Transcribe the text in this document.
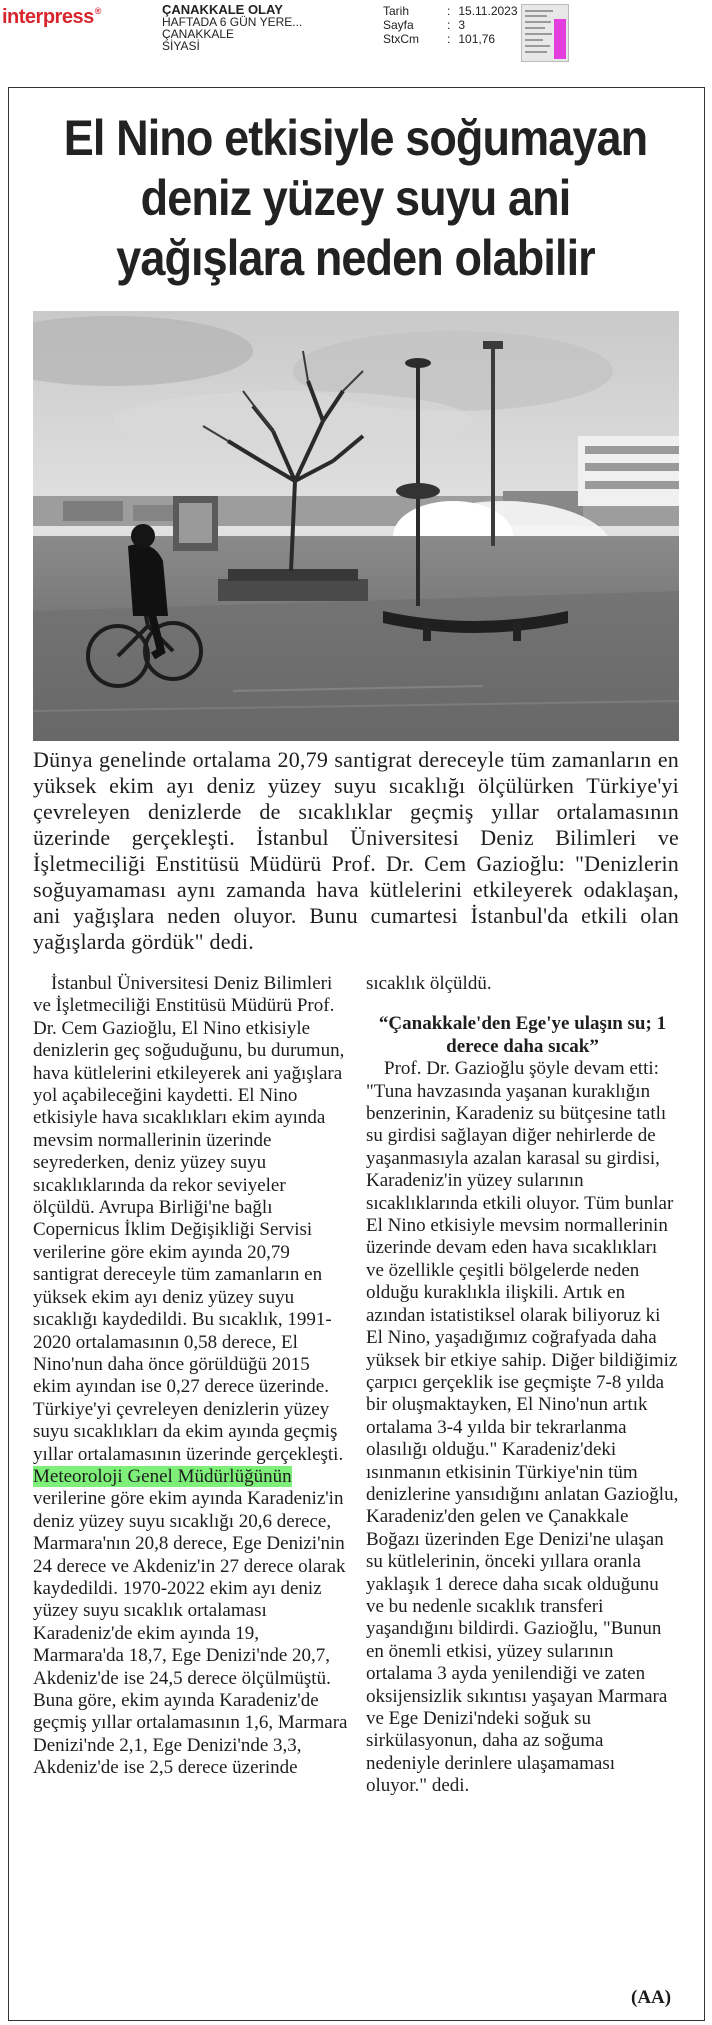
interpress®	ÇANAKKALE OLAY
HAFTADA 6 GÜN YERE...
ÇANAKKALE
SİYASİ
Tarih	: 15.11.2023
Sayfa	: 3
StxCm	: 101,76
El Nino etkisiyle soğumayan
deniz yüzey suyu ani
yağışlara neden olabilir

Dünya genelinde ortalama 20,79 santigrat dereceyle tüm zamanların en yüksek ekim ayı deniz yüzey suyu sıcaklığı ölçülürken Türkiye'yi çevreleyen denizlerde de sıcaklıklar geçmiş yıllar ortalamasının üzerinde gerçekleşti. İstanbul Üniversitesi Deniz Bilimleri ve İşletmeciliği Enstitüsü Müdürü Prof. Dr. Cem Gazioğlu: "Denizlerin soğuyamaması aynı zamanda hava kütlelerini etkileyerek odaklaşan, ani yağışlara neden oluyor. Bunu cumartesi İstanbul'da etkili olan yağışlarda gördük" dedi.

İstanbul Üniversitesi Deniz Bilimleri ve İşletmeciliği Enstitüsü Müdürü Prof. Dr. Cem Gazioğlu, El Nino etkisiyle denizlerin geç soğuduğunu, bu durumun, hava kütlelerini etkileyerek ani yağışlara yol açabileceğini kaydetti. El Nino etkisiyle hava sıcaklıkları ekim ayında mevsim normallerinin üzerinde seyrederken, deniz yüzey suyu sıcaklıklarında da rekor seviyeler ölçüldü. Avrupa Birliği'ne bağlı Copernicus İklim Değişikliği Servisi verilerine göre ekim ayında 20,79 santigrat dereceyle tüm zamanların en yüksek ekim ayı deniz yüzey suyu sıcaklığı kaydedildi. Bu sıcaklık, 1991-2020 ortalamasının 0,58 derece, El Nino'nun daha önce görüldüğü 2015 ekim ayından ise 0,27 derece üzerinde. Türkiye'yi çevreleyen denizlerin yüzey suyu sıcaklıkları da ekim ayında geçmiş yıllar ortalamasının üzerinde gerçekleşti. Meteoroloji Genel Müdürlüğünün verilerine göre ekim ayında Karadeniz'in deniz yüzey suyu sıcaklığı 20,6 derece, Marmara'nın 20,8 derece, Ege Denizi'nin 24 derece ve Akdeniz'in 27 derece olarak kaydedildi. 1970-2022 ekim ayı deniz yüzey suyu sıcaklık ortalaması Karadeniz'de ekim ayında 19, Marmara'da 18,7, Ege Denizi'nde 20,7, Akdeniz'de ise 24,5 derece ölçülmüştü. Buna göre, ekim ayında Karadeniz'de geçmiş yıllar ortalamasının 1,6, Marmara Denizi'nde 2,1, Ege Denizi'nde 3,3, Akdeniz'de ise 2,5 derece üzerinde

sıcaklık ölçüldü.

“Çanakkale'den Ege'ye ulaşın su; 1 derece daha sıcak”

Prof. Dr. Gazioğlu şöyle devam etti: "Tuna havzasında yaşanan kuraklığın benzerinin, Karadeniz su bütçesine tatlı su girdisi sağlayan diğer nehirlerde de yaşanmasıyla azalan karasal su girdisi, Karadeniz'in yüzey sularının sıcaklıklarında etkili oluyor. Tüm bunlar El Nino etkisiyle mevsim normallerinin üzerinde devam eden hava sıcaklıkları ve özellikle çeşitli bölgelerde neden olduğu kuraklıkla ilişkili. Artık en azından istatistiksel olarak biliyoruz ki El Nino, yaşadığımız coğrafyada daha yüksek bir etkiye sahip. Diğer bildiğimiz çarpıcı gerçeklik ise geçmişte 7-8 yılda bir oluşmaktayken, El Nino'nun artık ortalama 3-4 yılda bir tekrarlanma olasılığı olduğu." Karadeniz'deki ısınmanın etkisinin Türkiye'nin tüm denizlerine yansıdığını anlatan Gazioğlu, Karadeniz'den gelen ve Çanakkale Boğazı üzerinden Ege Denizi'ne ulaşan su kütlelerinin, önceki yıllara oranla yaklaşık 1 derece daha sıcak olduğunu ve bu nedenle sıcaklık transferi yaşandığını bildirdi. Gazioğlu, "Bunun en önemli etkisi, yüzey sularının ortalama 3 ayda yenilendiği ve zaten oksijensizlik sıkıntısı yaşayan Marmara ve Ege Denizi'ndeki soğuk su sirkülasyonun, daha az soğuma nedeniyle derinlere ulaşamaması oluyor." dedi.

(AA)
